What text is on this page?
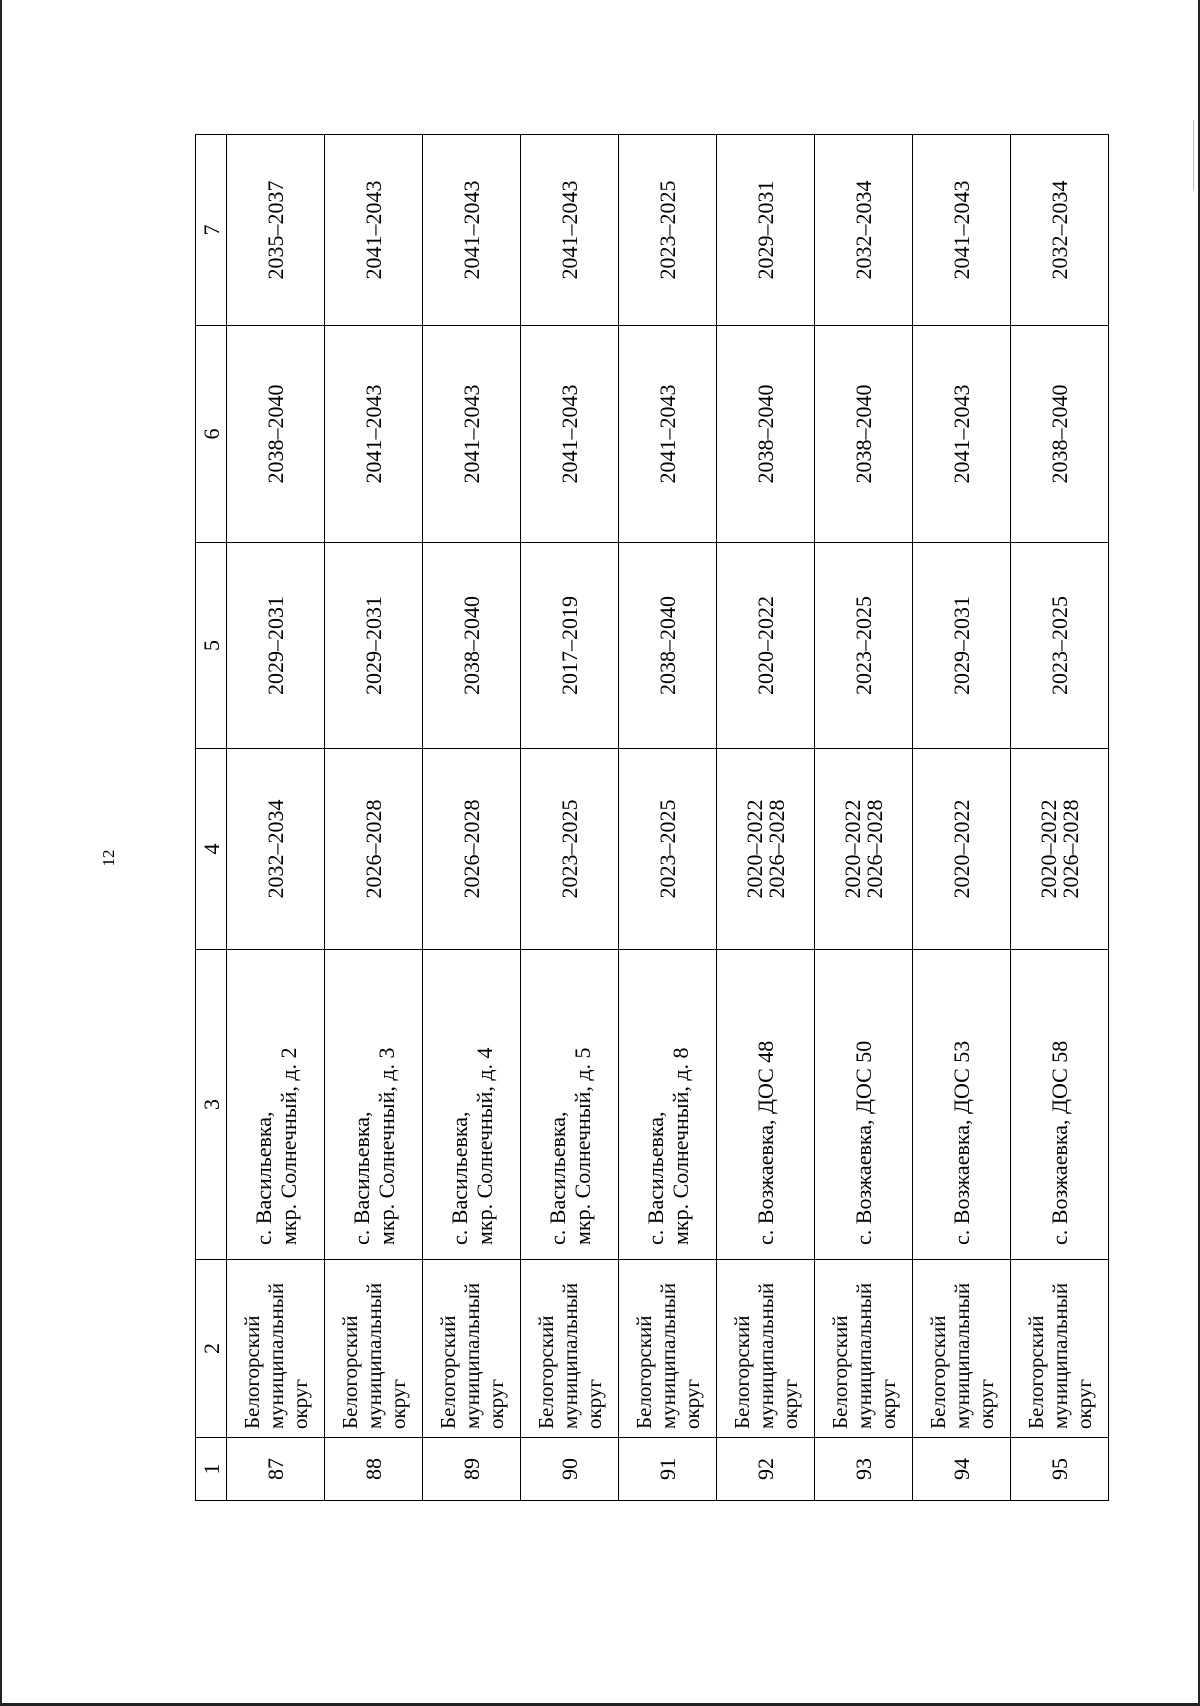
12
1	2	3	4	5	6	7
87	Белогорский
муниципальный
округ	с. Васильевка,
мкр. Солнечный, д. 2	2032–2034	2029–2031	2038–2040	2035–2037
88	Белогорский
муниципальный
округ	с. Васильевка,
мкр. Солнечный, д. 3	2026–2028	2029–2031	2041–2043	2041–2043
89	Белогорский
муниципальный
округ	с. Васильевка,
мкр. Солнечный, д. 4	2026–2028	2038–2040	2041–2043	2041–2043
90	Белогорский
муниципальный
округ	с. Васильевка,
мкр. Солнечный, д. 5	2023–2025	2017–2019	2041–2043	2041–2043
91	Белогорский
муниципальный
округ	с. Васильевка,
мкр. Солнечный, д. 8	2023–2025	2038–2040	2041–2043	2023–2025
92	Белогорский
муниципальный
округ	с. Возжаевка, ДОС 48	2020–2022
2026–2028	2020–2022	2038–2040	2029–2031
93	Белогорский
муниципальный
округ	с. Возжаевка, ДОС 50	2020–2022
2026–2028	2023–2025	2038–2040	2032–2034
94	Белогорский
муниципальный
округ	с. Возжаевка, ДОС 53	2020–2022	2029–2031	2041–2043	2041–2043
95	Белогорский
муниципальный
округ	с. Возжаевка, ДОС 58	2020–2022
2026–2028	2023–2025	2038–2040	2032–2034
